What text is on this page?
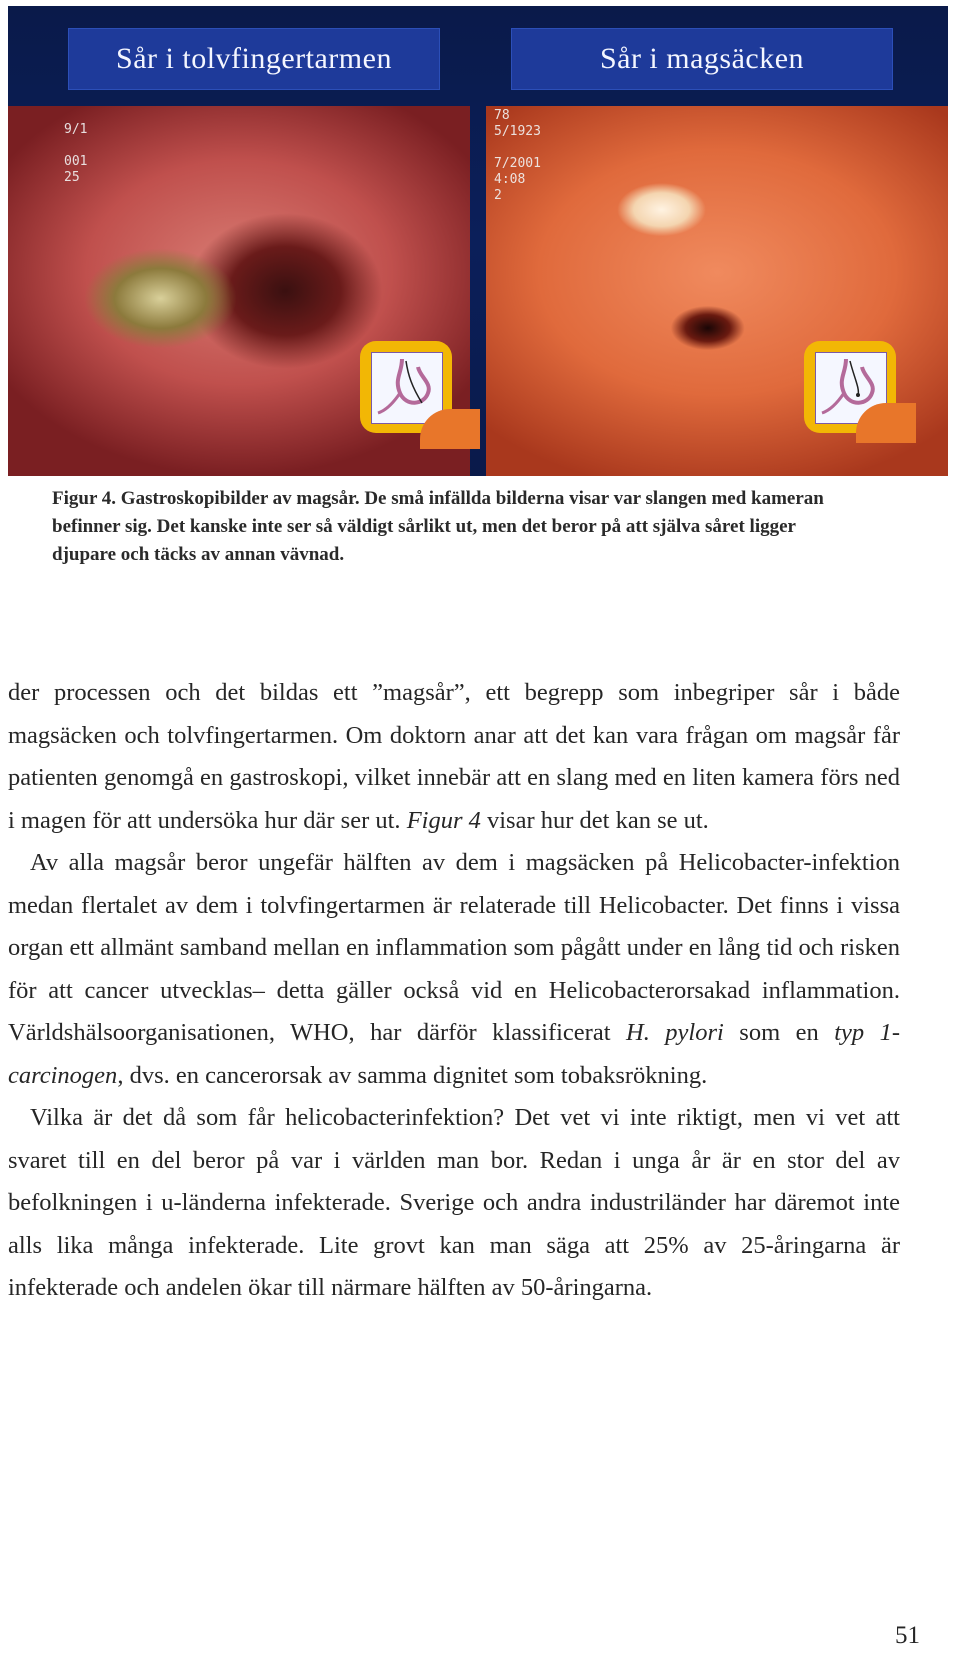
Sår i tolvfingertarmen	Sår i magsäcken
9/1

001
25
78
5/1923

7/2001
4:08
2
Figur 4. Gastroskopibilder av magsår. De små infällda bilderna visar var slangen med kameran befinner sig. Det kanske inte ser så väldigt sårlikt ut, men det beror på att själva såret ligger djupare och täcks av annan vävnad.

der processen och det bildas ett ”magsår”, ett begrepp som inbegriper sår i både magsäcken och tolvfingertarmen. Om doktorn anar att det kan vara frågan om magsår får patienten genomgå en gastroskopi, vilket innebär att en slang med en liten kamera förs ned i magen för att undersöka hur där ser ut. Figur 4 visar hur det kan se ut.

Av alla magsår beror ungefär hälften av dem i magsäcken på Helicobacter-infektion medan flertalet av dem i tolvfingertarmen är relaterade till Helicobacter. Det finns i vissa organ ett allmänt samband mellan en inflammation som pågått under en lång tid och risken för att cancer utvecklas– detta gäller också vid en Helicobacterorsakad inflammation. Världshälsoorganisationen, WHO, har därför klassificerat H. pylori som en typ 1-carcinogen, dvs. en cancerorsak av samma dignitet som tobaksrökning.

Vilka är det då som får helicobacterinfektion? Det vet vi inte riktigt, men vi vet att svaret till en del beror på var i världen man bor. Redan i unga år är en stor del av befolkningen i u-länderna infekterade. Sverige och andra industriländer har däremot inte alls lika många infekterade. Lite grovt kan man säga att 25% av 25-åringarna är infekterade och andelen ökar till närmare hälften av 50-åringarna.

51
